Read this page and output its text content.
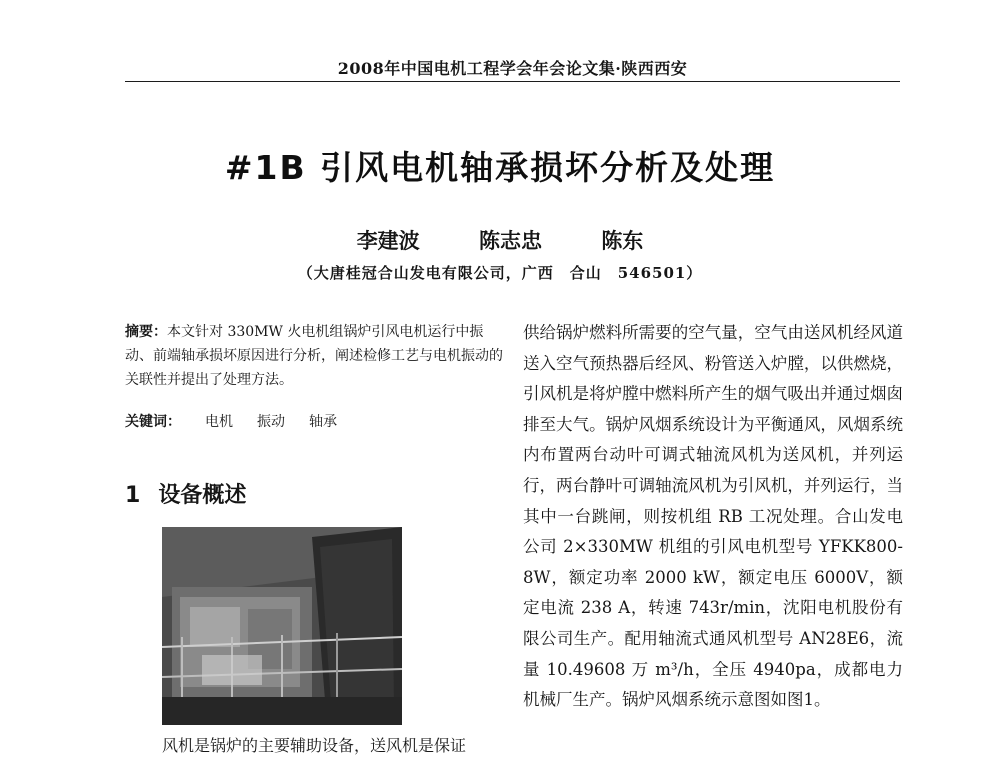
2008年中国电机工程学会年会论文集·陕西西安
#1B 引风电机轴承损坏分析及处理
李建波	陈志忠	陈东
（大唐桂冠合山发电有限公司，广西　合山　546501）

摘要：本文针对 330MW 火电机组锅炉引风电机运行中振动、前端轴承损坏原因进行分析，阐述检修工艺与电机振动的关联性并提出了处理方法。

关键词： 电机 振动 轴承
1 设备概述
风机是锅炉的主要辅助设备，送风机是保证

供给锅炉燃料所需要的空气量，空气由送风机经风道送入空气预热器后经风、粉管送入炉膛，以供燃烧，引风机是将炉膛中燃料所产生的烟气吸出并通过烟囱排至大气。锅炉风烟系统设计为平衡通风，风烟系统内布置两台动叶可调式轴流风机为送风机，并列运行，两台静叶可调轴流风机为引风机，并列运行，当其中一台跳闸，则按机组 RB 工况处理。合山发电公司 2×330MW 机组的引风电机型号 YFKK800-8W，额定功率 2000 kW，额定电压 6000V，额定电流 238 A，转速 743r/min，沈阳电机股份有限公司生产。配用轴流式通风机型号 AN28E6，流量 10.49608 万 m³/h，全压 4940pa，成都电力机械厂生产。锅炉风烟系统示意图如图1。
